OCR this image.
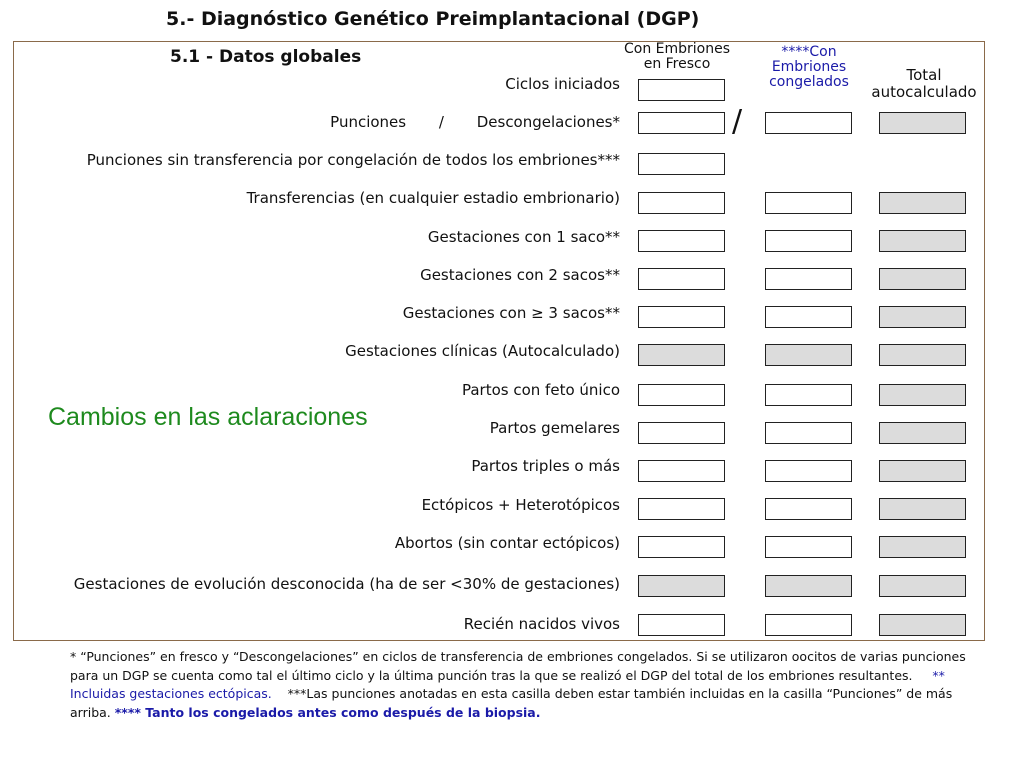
5.- Diagnóstico Genético Preimplantacional (DGP)
5.1 - Datos globales	Con Embriones
en Fresco
****Con
Embriones
congelados	Total
autocalculado
Ciclos iniciados
Punciones / Descongelaciones*
Punciones sin transferencia por congelación de todos los embriones***
Transferencias (en cualquier estadio embrionario)
Gestaciones con 1 saco**
Gestaciones con 2 sacos**
Gestaciones con ≥ 3 sacos**
Gestaciones clínicas (Autocalculado)
Partos con feto único
Partos gemelares
Partos triples o más
Ectópicos + Heterotópicos
Abortos (sin contar ectópicos)
Gestaciones de evolución desconocida (ha de ser <30% de gestaciones)
Recién nacidos vivos
/
Cambios en las aclaraciones
* “Punciones” en fresco y “Descongelaciones” en ciclos de transferencia de embriones congelados. Si se utilizaron oocitos de varias punciones para un DGP se cuenta como tal el último ciclo y la última punción tras la que se realizó el DGP del total de los embriones resultantes. ** Incluidas gestaciones ectópicas. ***Las punciones anotadas en esta casilla deben estar también incluidas en la casilla “Punciones” de más arriba. **** Tanto los congelados antes como después de la biopsia.
